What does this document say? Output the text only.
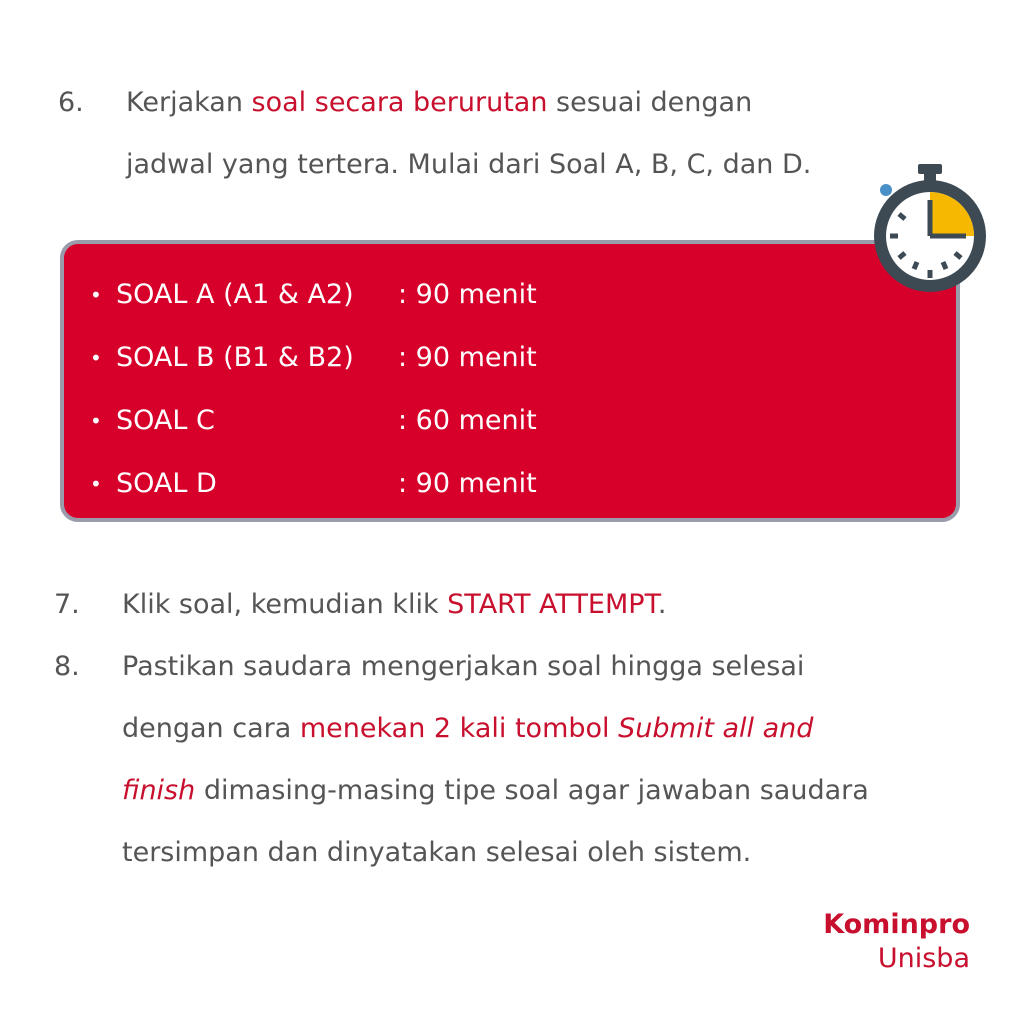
6. Kerjakan soal secara berurutan sesuai dengan
jadwal yang tertera. Mulai dari Soal A, B, C, dan D.
• SOAL A (A1 & A2) : 90 menit
• SOAL B (B1 & B2) : 90 menit
• SOAL C	: 60 menit
• SOAL D	: 90 menit
7. Klik soal, kemudian klik START ATTEMPT.
8. Pastikan saudara mengerjakan soal hingga selesai
dengan cara menekan 2 kali tombol Submit all and
finish dimasing-masing tipe soal agar jawaban saudara
tersimpan dan dinyatakan selesai oleh sistem.
Kominpro
Unisba
